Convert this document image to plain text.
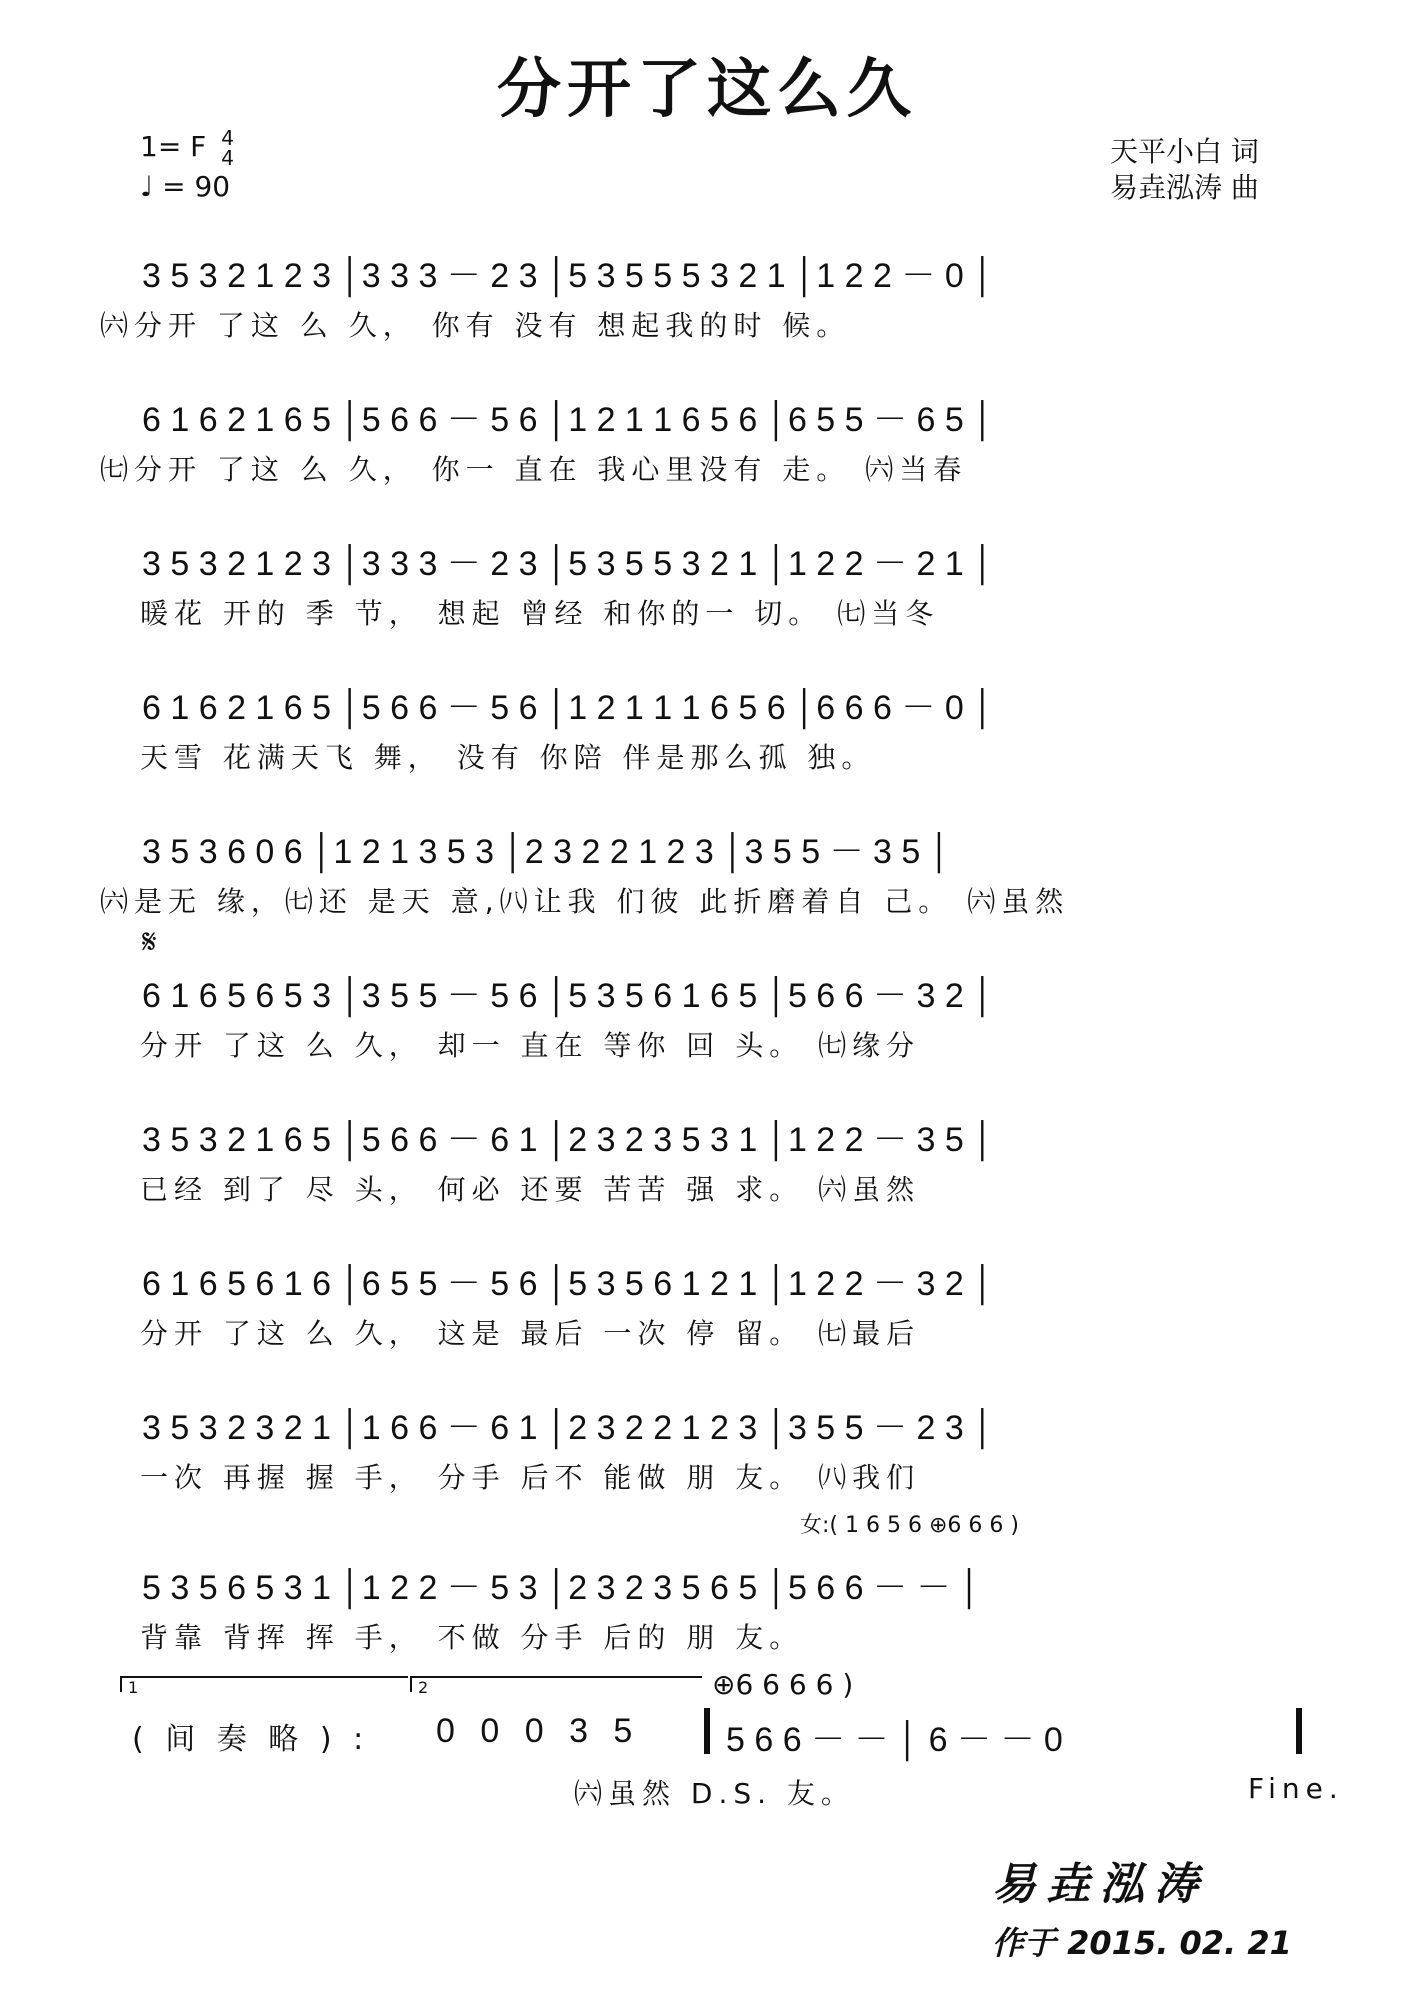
分开了这么久
1= F 4
4
♩ = 90
天平小白 词
易垚泓涛 曲
3 5 3 2 1 2 3 │3 3 3 － 2 3 │5 3 5 5 5 3 2 1 │1 2 2 － 0 │
㈥分开 了这 么 久， 你有 没有 想起我的时 候。
6 1 6 2 1 6 5 │5 6 6 － 5 6 │1 2 1 1 6 5 6 │6 5 5 － 6 5 │
㈦分开 了这 么 久， 你一 直在 我心里没有 走。 ㈥当春
3 5 3 2 1 2 3 │3 3 3 － 2 3 │5 3 5 5 3 2 1 │1 2 2 － 2 1 │
暖花 开的 季 节， 想起 曾经 和你的一 切。 ㈦当冬
6 1 6 2 1 6 5 │5 6 6 － 5 6 │1 2 1 1 1 6 5 6 │6 6 6 － 0 │
天雪 花满天飞 舞， 没有 你陪 伴是那么孤 独。
3 5 3 6 0 6 │1 2 1 3 5 3 │2 3 2 2 1 2 3 │3 5 5 － 3 5 │
㈥是无 缘，㈦还 是天 意,㈧让我 们彼 此折磨着自 己。 ㈥虽然
𝄋
6 1 6 5 6 5 3 │3 5 5 － 5 6 │5 3 5 6 1 6 5 │5 6 6 － 3 2 │
分开 了这 么 久， 却一 直在 等你 回 头。 ㈦缘分
3 5 3 2 1 6 5 │5 6 6 － 6 1 │2 3 2 3 5 3 1 │1 2 2 － 3 5 │
已经 到了 尽 头， 何必 还要 苦苦 强 求。 ㈥虽然
6 1 6 5 6 1 6 │6 5 5 － 5 6 │5 3 5 6 1 2 1 │1 2 2 － 3 2 │
分开 了这 么 久， 这是 最后 一次 停 留。 ㈦最后
3 5 3 2 3 2 1 │1 6 6 － 6 1 │2 3 2 2 1 2 3 │3 5 5 － 2 3 │
一次 再握 握 手， 分手 后不 能做 朋 友。 ㈧我们
女:( 1 6 5 6 ⊕6 6 6 )
5 3 5 6 5 3 1 │1 2 2 － 5 3 │2 3 2 3 5 6 5 │5 6 6 － － │
背靠 背挥 挥 手， 不做 分手 后的 朋 友。
1	2
( 间 奏 略 ) : 0 0 0 3 5
⊕6 6 6 6 )
5 6 6 － － │ 6 － － 0
㈥虽然 D.S. 友。	Fine.
易垚泓涛
作于 2015. 02. 21
